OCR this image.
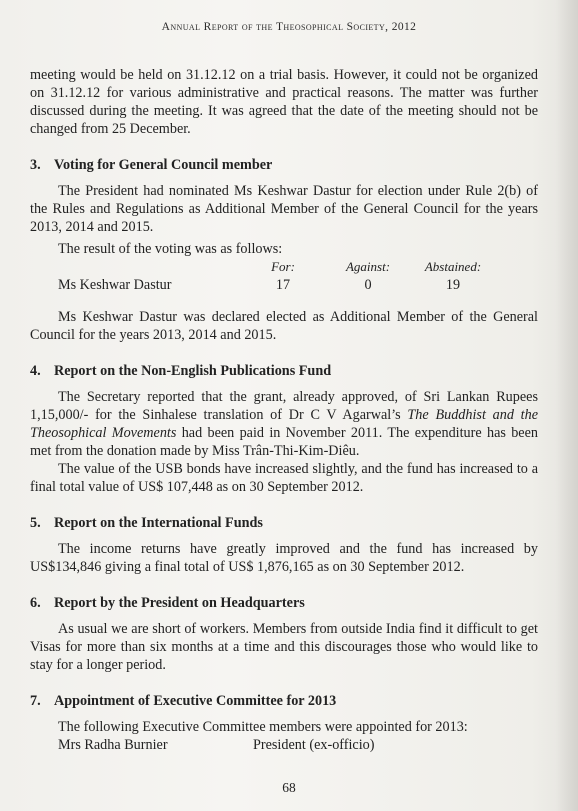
Annual Report of the Theosophical Society, 2012

meeting would be held on 31.12.12 on a trial basis. However, it could not be organized on 31.12.12 for various administrative and practical reasons. The matter was further discussed during the meeting. It was agreed that the date of the meeting should not be changed from 25 December.

3. Voting for General Council member

The President had nominated Ms Keshwar Dastur for election under Rule 2(b) of the Rules and Regulations as Additional Member of the General Council for the years 2013, 2014 and 2015.

The result of the voting was as follows:

	For:	Against:	Abstained:
Ms Keshwar Dastur	17	0	19

Ms Keshwar Dastur was declared elected as Additional Member of the General Council for the years 2013, 2014 and 2015.

4. Report on the Non-English Publications Fund

The Secretary reported that the grant, already approved, of Sri Lankan Rupees 1,15,000/- for the Sinhalese translation of Dr C V Agarwal’s The Buddhist and the Theosophical Movements had been paid in November 2011. The expenditure has been met from the donation made by Miss Trân-Thi-Kim-Diêu.

The value of the USB bonds have increased slightly, and the fund has increased to a final total value of US$ 107,448 as on 30 September 2012.

5. Report on the International Funds

The income returns have greatly improved and the fund has increased by US$134,846 giving a final total of US$ 1,876,165 as on 30 September 2012.

6. Report by the President on Headquarters

As usual we are short of workers. Members from outside India find it difficult to get Visas for more than six months at a time and this discourages those who would like to stay for a longer period.

7. Appointment of Executive Committee for 2013

The following Executive Committee members were appointed for 2013:

Mrs Radha Burnier	President (ex-officio)
68
